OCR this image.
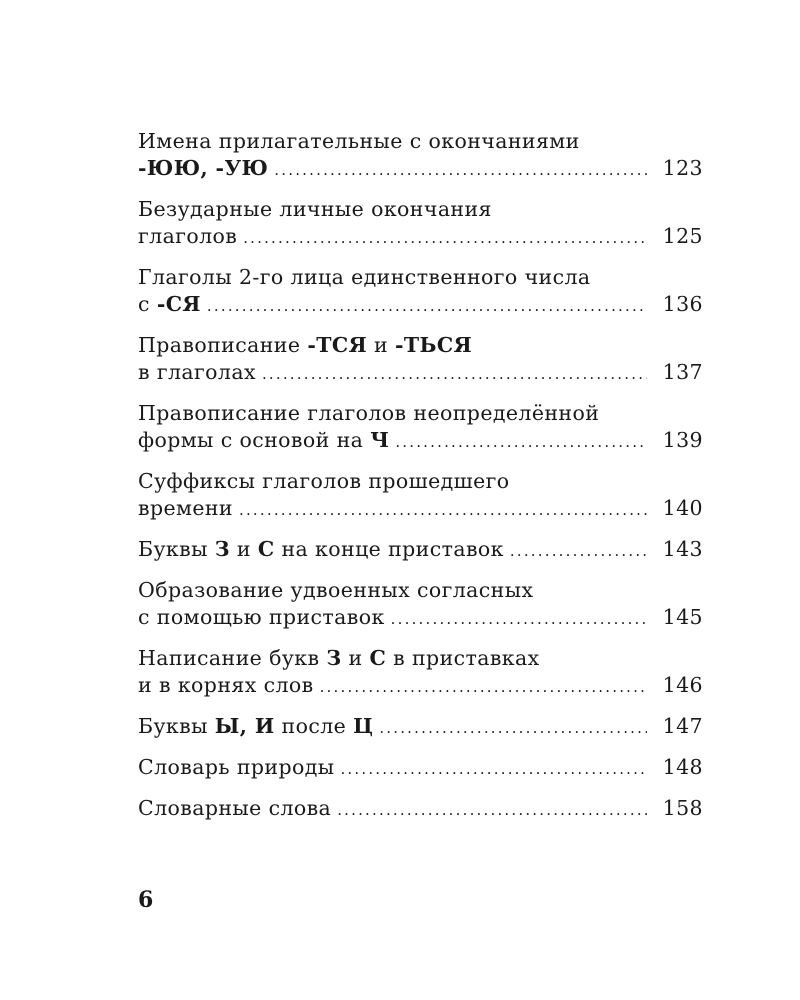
Имена прилагательные с окончаниями
-ЮЮ, -УЮ .....	123
Безударные личные окончания
глаголов .....	125
Глаголы 2-го лица единственного числа
с -СЯ .....	136
Правописание -ТСЯ и -ТЬСЯ
в глаголах .....	137
Правописание глаголов неопределённой
формы с основой на Ч .....	139
Суффиксы глаголов прошедшего
времени .....	140
Буквы З и С на конце приставок .....	143
Образование удвоенных согласных
с помощью приставок .....	145
Написание букв З и С в приставках
и в корнях слов .....	146
Буквы Ы, И после Ц .....	147
Словарь природы .....	148
Словарные слова .....	158
6
